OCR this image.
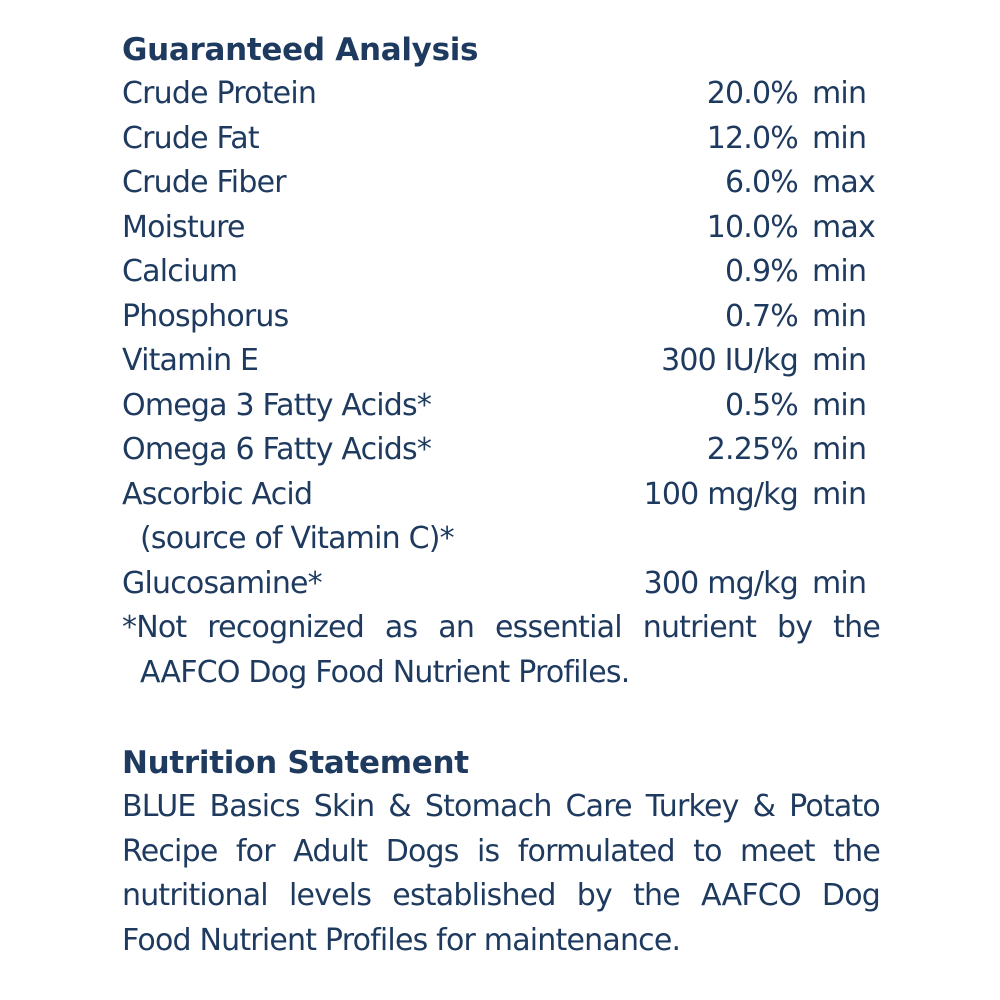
Guaranteed Analysis
Crude Protein	20.0% min
Crude Fat	12.0% min
Crude Fiber	6.0% max
Moisture	10.0% max
Calcium	0.9% min
Phosphorus	0.7% min
Vitamin E	300 IU/kg min
Omega 3 Fatty Acids*	0.5% min
Omega 6 Fatty Acids*	2.25% min
Ascorbic Acid	100 mg/kg min
(source of Vitamin C)*
Glucosamine*	300 mg/kg min

*Not recognized as an essential nutrient by the AAFCO Dog Food Nutrient Profiles.

Nutrition Statement

BLUE Basics Skin & Stomach Care Turkey & Potato Recipe for Adult Dogs is formulated to meet the nutritional levels established by the AAFCO Dog Food Nutrient Profiles for maintenance.
